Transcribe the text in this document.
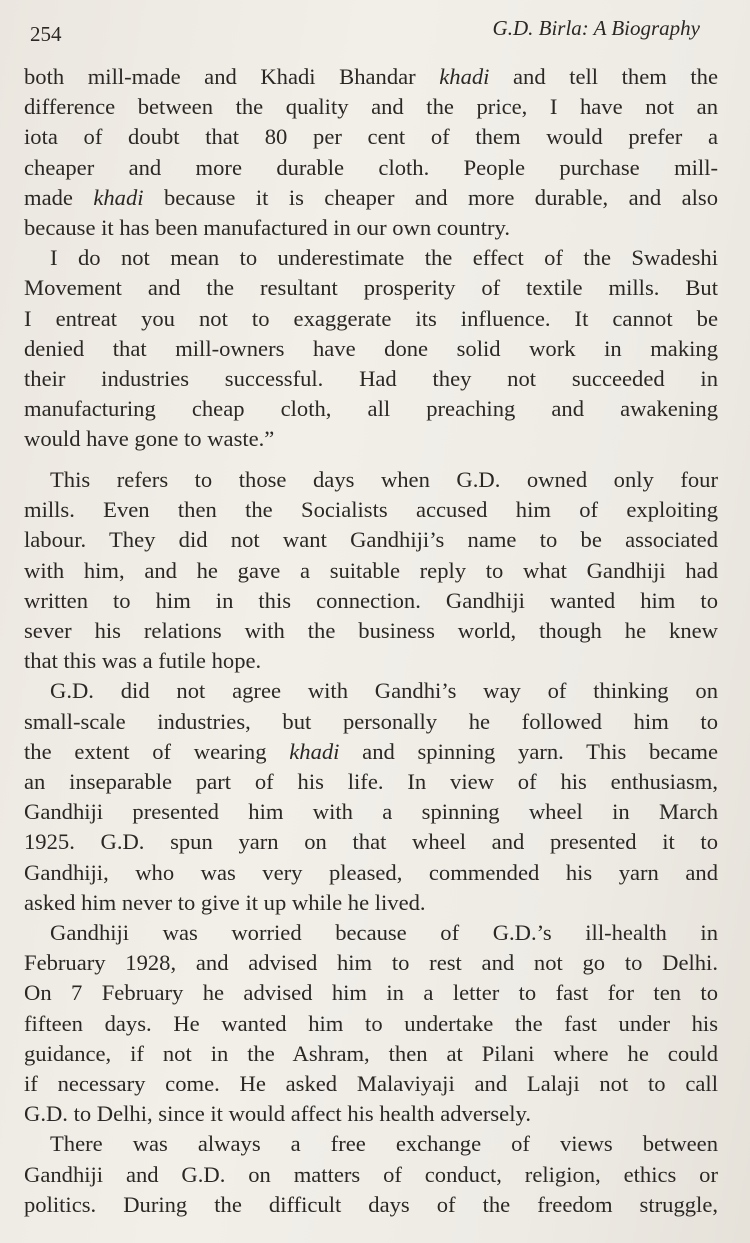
254	G.D. Birla: A Biography
both mill-made and Khadi Bhandar khadi and tell them the
difference between the quality and the price, I have not an
iota of doubt that 80 per cent of them would prefer a
cheaper and more durable cloth. People purchase mill-
made khadi because it is cheaper and more durable, and also
because it has been manufactured in our own country.
I do not mean to underestimate the effect of the Swadeshi
Movement and the resultant prosperity of textile mills. But
I entreat you not to exaggerate its influence. It cannot be
denied that mill-owners have done solid work in making
their industries successful. Had they not succeeded in
manufacturing cheap cloth, all preaching and awakening
would have gone to waste.”
This refers to those days when G.D. owned only four
mills. Even then the Socialists accused him of exploiting
labour. They did not want Gandhiji’s name to be associated
with him, and he gave a suitable reply to what Gandhiji had
written to him in this connection. Gandhiji wanted him to
sever his relations with the business world, though he knew
that this was a futile hope.
G.D. did not agree with Gandhi’s way of thinking on
small-scale industries, but personally he followed him to
the extent of wearing khadi and spinning yarn. This became
an inseparable part of his life. In view of his enthusiasm,
Gandhiji presented him with a spinning wheel in March
1925. G.D. spun yarn on that wheel and presented it to
Gandhiji, who was very pleased, commended his yarn and
asked him never to give it up while he lived.
Gandhiji was worried because of G.D.’s ill-health in
February 1928, and advised him to rest and not go to Delhi.
On 7 February he advised him in a letter to fast for ten to
fifteen days. He wanted him to undertake the fast under his
guidance, if not in the Ashram, then at Pilani where he could
if necessary come. He asked Malaviyaji and Lalaji not to call
G.D. to Delhi, since it would affect his health adversely.
There was always a free exchange of views between
Gandhiji and G.D. on matters of conduct, religion, ethics or
politics. During the difficult days of the freedom struggle,
